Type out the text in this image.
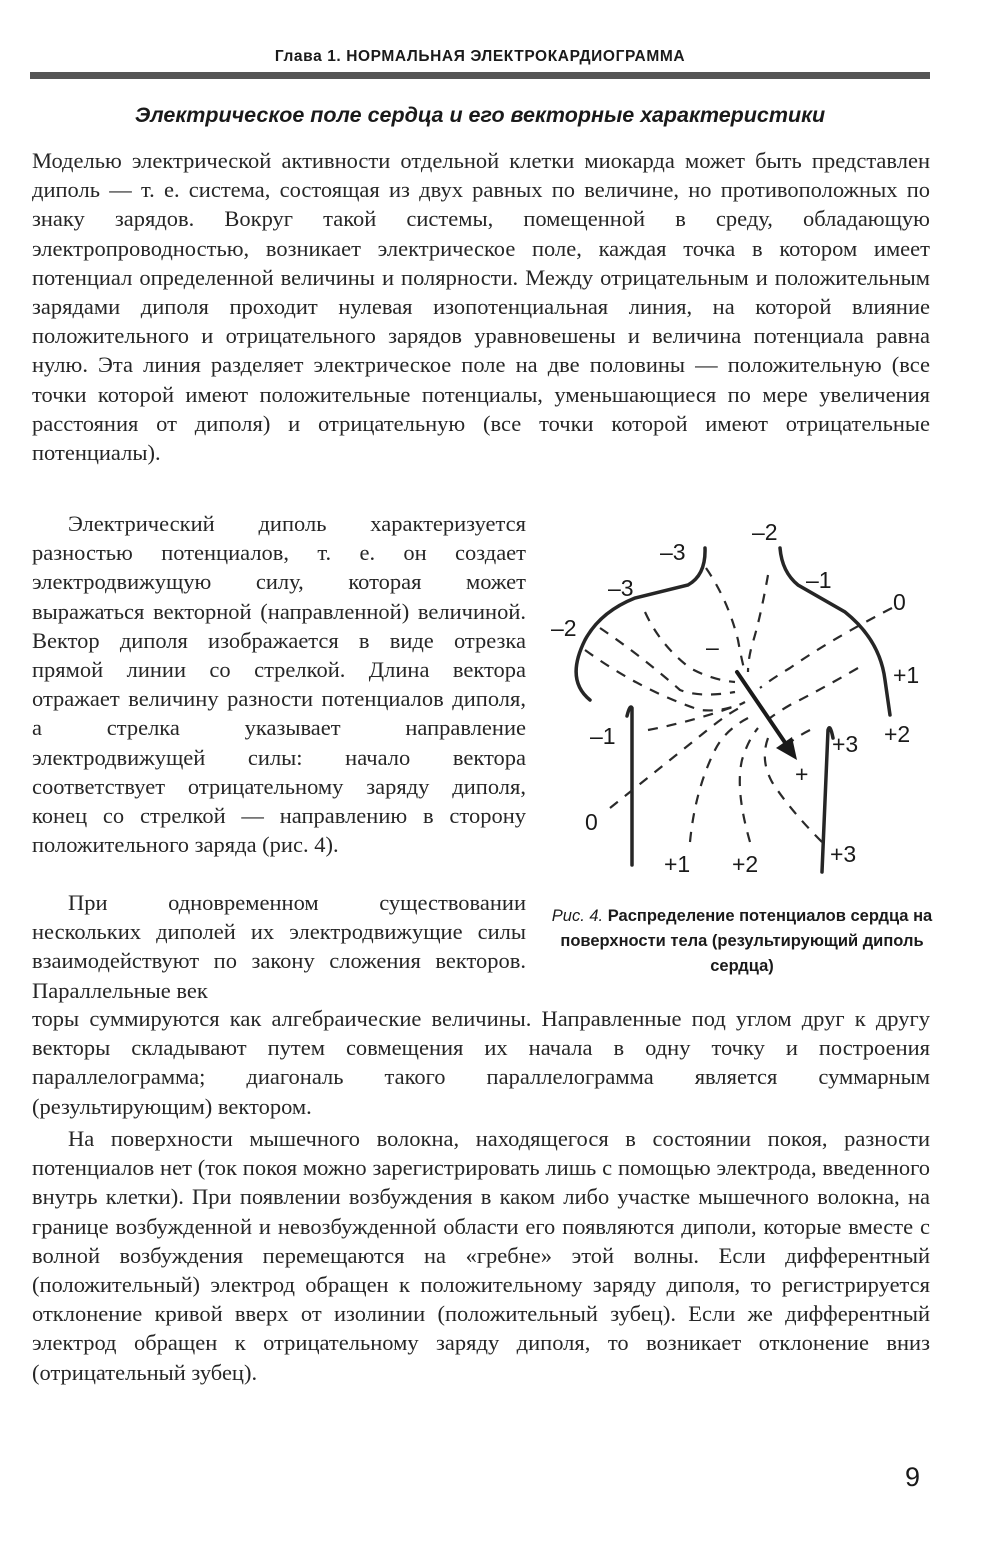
Глава 1. НОРМАЛЬНАЯ ЭЛЕКТРОКАРДИОГРАММА
Электрическое поле сердца и его векторные характеристики

Моделью электрической активности отдельной клетки миокарда может быть представлен диполь — т. е. система, состоящая из двух равных по величине, но противоположных по знаку зарядов. Вокруг такой системы, помещенной в среду, обладающую электропроводностью, возникает электрическое поле, каждая точка в котором имеет потенциал определенной величины и полярности. Между отрицательным и положительным зарядами диполя проходит нулевая изопотенциальная линия, на которой влияние положительного и отрицательного зарядов уравновешены и величина потенциала равна нулю. Эта линия разделяет электрическое поле на две половины — положительную (все точки которой имеют положительные потенциалы, уменьшающиеся по мере увеличения расстояния от диполя) и отрицательную (все точки которой имеют отрицательные потенциалы).

Электрический диполь характеризуется разностью потенциалов, т. е. он создает электродвижущую силу, которая может выражаться векторной (направленной) величиной. Вектор диполя изображается в виде отрезка прямой линии со стрелкой. Длина вектора отражает величину разности потенциалов диполя, а стрелка указывает направление электродвижущей силы: начало вектора соответствует отрицательному заряду диполя, конец со стрелкой — направлению в сторону положительного заряда (рис. 4).

При одновременном существовании нескольких диполей их электродвижущие силы взаимодействуют по закону сложения векторов. Параллельные век

торы суммируются как алгебраические величины. Направленные под углом друг к другу векторы складывают путем совмещения их начала в одну точку и построения параллелограмма; диагональ такого параллелограмма является суммарным (результирующим) вектором.

На поверхности мышечного волокна, находящегося в состоянии покоя, разности потенциалов нет (ток покоя можно зарегистрировать лишь с помощью электрода, введенного внутрь клетки). При появлении возбуждения в каком либо участке мышечного волокна, на границе возбужденной и невозбужденной области его появляются диполи, которые вместе с волной возбуждения перемещаются на «гребне» этой волны. Если дифферентный (положительный) электрод обращен к положительному заряду диполя, то регистрируется отклонение кривой вверх от изолинии (положительный зубец). Если же дифферентный электрод обращен к отрицательному заряду диполя, то возникает отклонение вниз (отрицательный зубец).

–2
–3
–3	–1
0
–2
+1
–
–1	+3 +2
+
0
+3
+1 +2
Рис. 4. Распределение потенциалов сердца на поверхности тела (результирующий диполь сердца)
9
